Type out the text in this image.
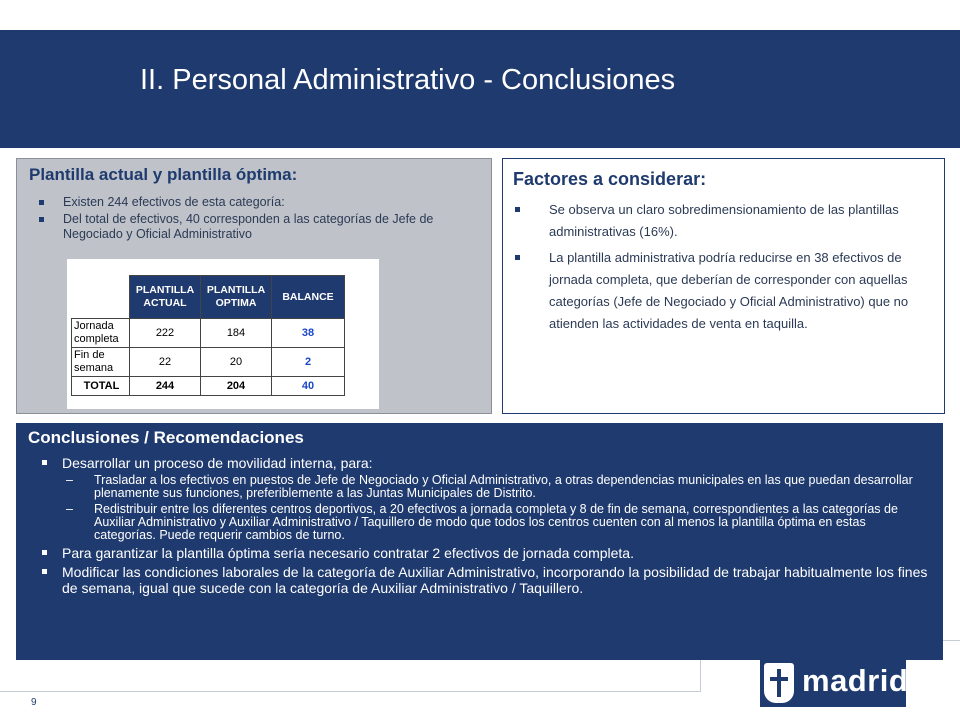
II. Personal Administrativo - Conclusiones
Plantilla actual y plantilla óptima:
Existen 244 efectivos de esta categoría:
Del total de efectivos, 40 corresponden a las categorías de Jefe de Negociado y Oficial Administrativo
	PLANTILLA ACTUAL	PLANTILLA OPTIMA	BALANCE
Jornada completa	222	184	38
Fin de semana	22	20	2
TOTAL	244	204	40
Factores a considerar:
Se observa un claro sobredimensionamiento de las plantillas administrativas (16%).
La plantilla administrativa podría reducirse en 38 efectivos de jornada completa, que deberían de corresponder con aquellas categorías (Jefe de Negociado y Oficial Administrativo) que no atienden las actividades de venta en taquilla.
Conclusiones / Recomendaciones
Desarrollar un proceso de movilidad interna, para:
– Trasladar a los efectivos en puestos de Jefe de Negociado y Oficial Administrativo, a otras dependencias municipales en las que puedan desarrollar plenamente sus funciones, preferiblemente a las Juntas Municipales de Distrito.
– Redistribuir entre los diferentes centros deportivos, a 20 efectivos a jornada completa y 8 de fin de semana, correspondientes a las categorías de Auxiliar Administrativo y Auxiliar Administrativo / Taquillero de modo que todos los centros cuenten con al menos la plantilla óptima en estas categorías. Puede requerir cambios de turno.
Para garantizar la plantilla óptima sería necesario contratar 2 efectivos de jornada completa.
Modificar las condiciones laborales de la categoría de Auxiliar Administrativo, incorporando la posibilidad de trabajar habitualmente los fines de semana, igual que sucede con la categoría de Auxiliar Administrativo / Taquillero.
9
madrid
